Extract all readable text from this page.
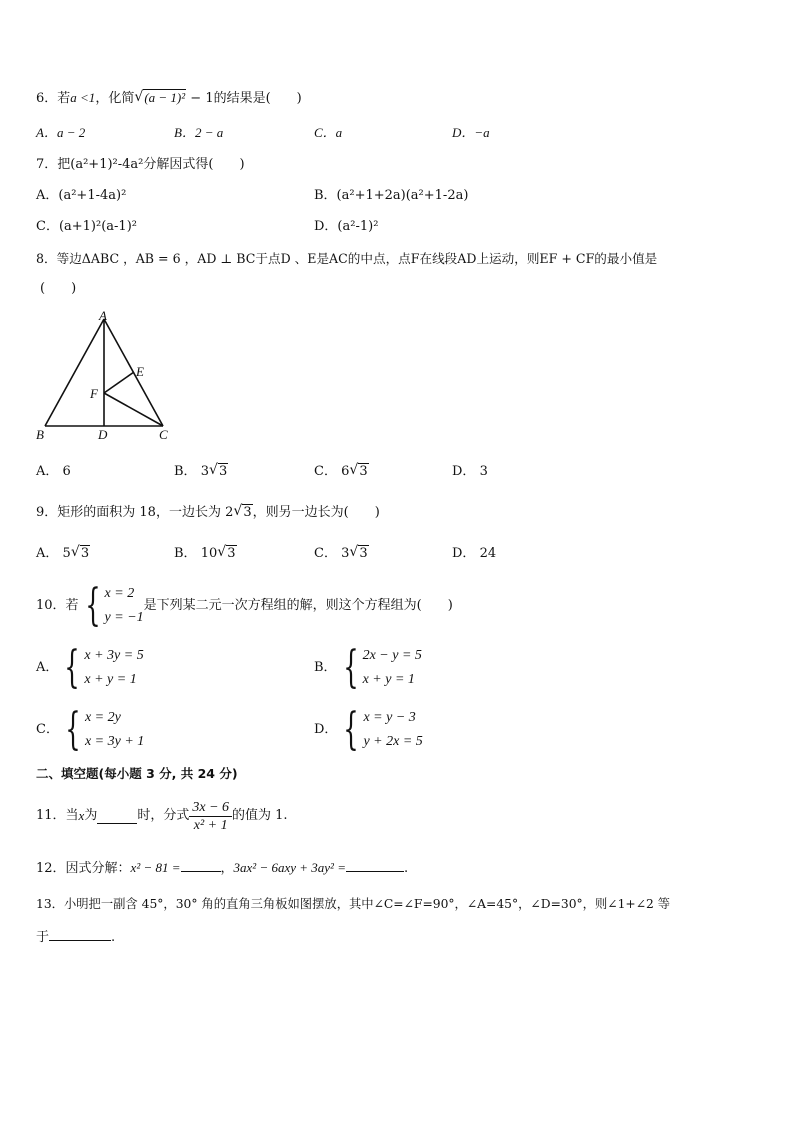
6．若a <1，化简 √ (a − 1)² − 1的结果是(　　)
A．a − 2	B．2 − a	C．a	D．−a
7．把(a²+1)²-4a²分解因式得(　　)
A．(a²+1-4a)²	B．(a²+1+2a)(a²+1-2a)
C．(a+1)²(a-1)²	D．(a²-1)²
8．等边ΔABC ，AB = 6 ，AD ⊥ BC于点D 、E是AC的中点，点F在线段AD上运动，则EF + CF的最小值是
(　　)
A
B	C
D
E
F
A． 6	B． 3 √ 3	C． 6 √ 3	D． 3
9．矩形的面积为 18，一边长为 2 √ 3，则另一边长为(　　)
A． 5 √ 3	B． 10 √ 3	C． 3 √ 3	D． 24
10．若 { x = 2
y = −1
是下列某二元一次方程组的解，则这个方程组为(　　)
A． { x + 3y = 5
x + y = 1
B． { 2x − y = 5
x + y = 1
C． { x = 2y
x = 3y + 1
D． { x = y − 3
y + 2x = 5
二、填空题(每小题 3 分, 共 24 分)
11．当 x 为	时，分式 $\frac{3x - 6}{\text{x² + 1}}$ 的值为 1.
12．因式分解：x² − 81 =	，3ax² − 6axy + 3ay² =	.
13．小明把一副含 45°，30° 角的直角三角板如图摆放，其中∠C=∠F=90°，∠A=45°，∠D=30°，则∠1+∠2 等
于	.
